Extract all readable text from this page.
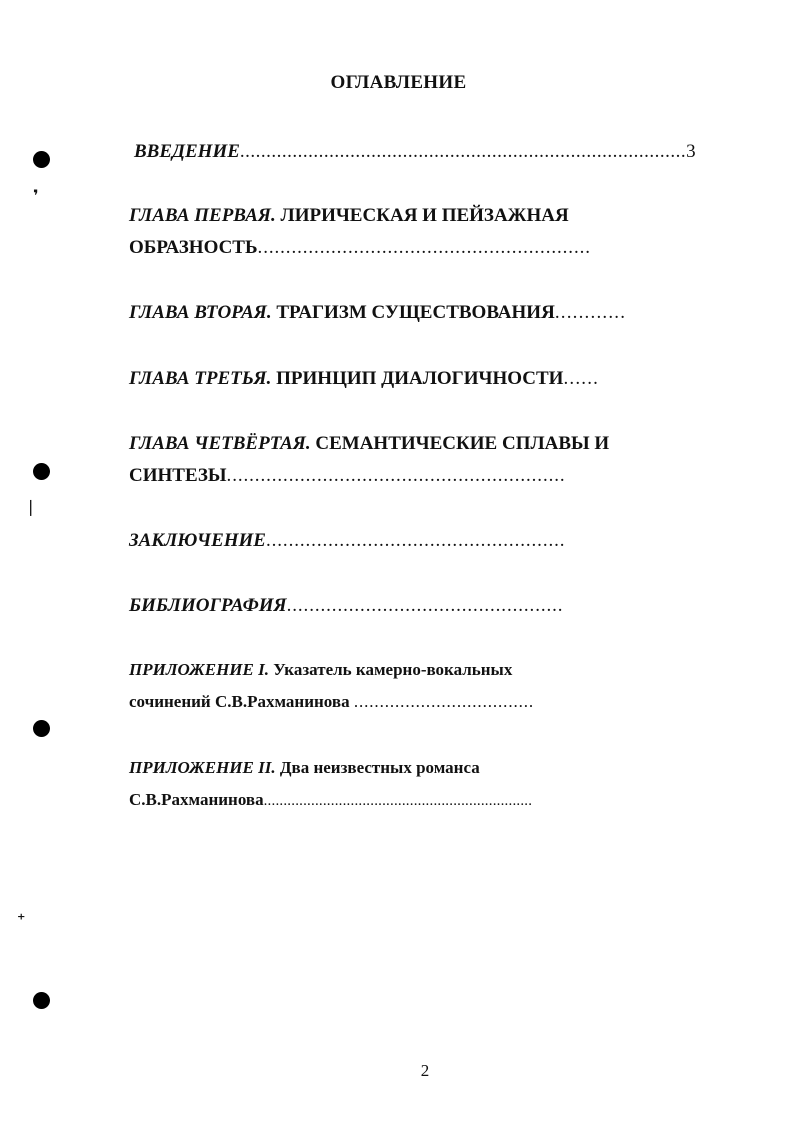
❜
❘
⁺
ОГЛАВЛЕНИЕ
ВВЕДЕНИЕ.....................................................................................3
ГЛАВА ПЕРВАЯ. ЛИРИЧЕСКАЯ И ПЕЙЗАЖНАЯ
ОБРАЗНОСТЬ...........................................................
ГЛАВА ВТОРАЯ. ТРАГИЗМ СУЩЕСТВОВАНИЯ............
ГЛАВА ТРЕТЬЯ. ПРИНЦИП ДИАЛОГИЧНОСТИ......
ГЛАВА ЧЕТВЁРТАЯ. СЕМАНТИЧЕСКИЕ СПЛАВЫ И
СИНТЕЗЫ............................................................
ЗАКЛЮЧЕНИЕ.....................................................
БИБЛИОГРАФИЯ.................................................
ПРИЛОЖЕНИЕ I. Указатель камерно-вокальных
сочинений С.В.Рахманинова ...................................
ПРИЛОЖЕНИЕ II. Два неизвестных романса
С.В.Рахманинова....................................................................
2
